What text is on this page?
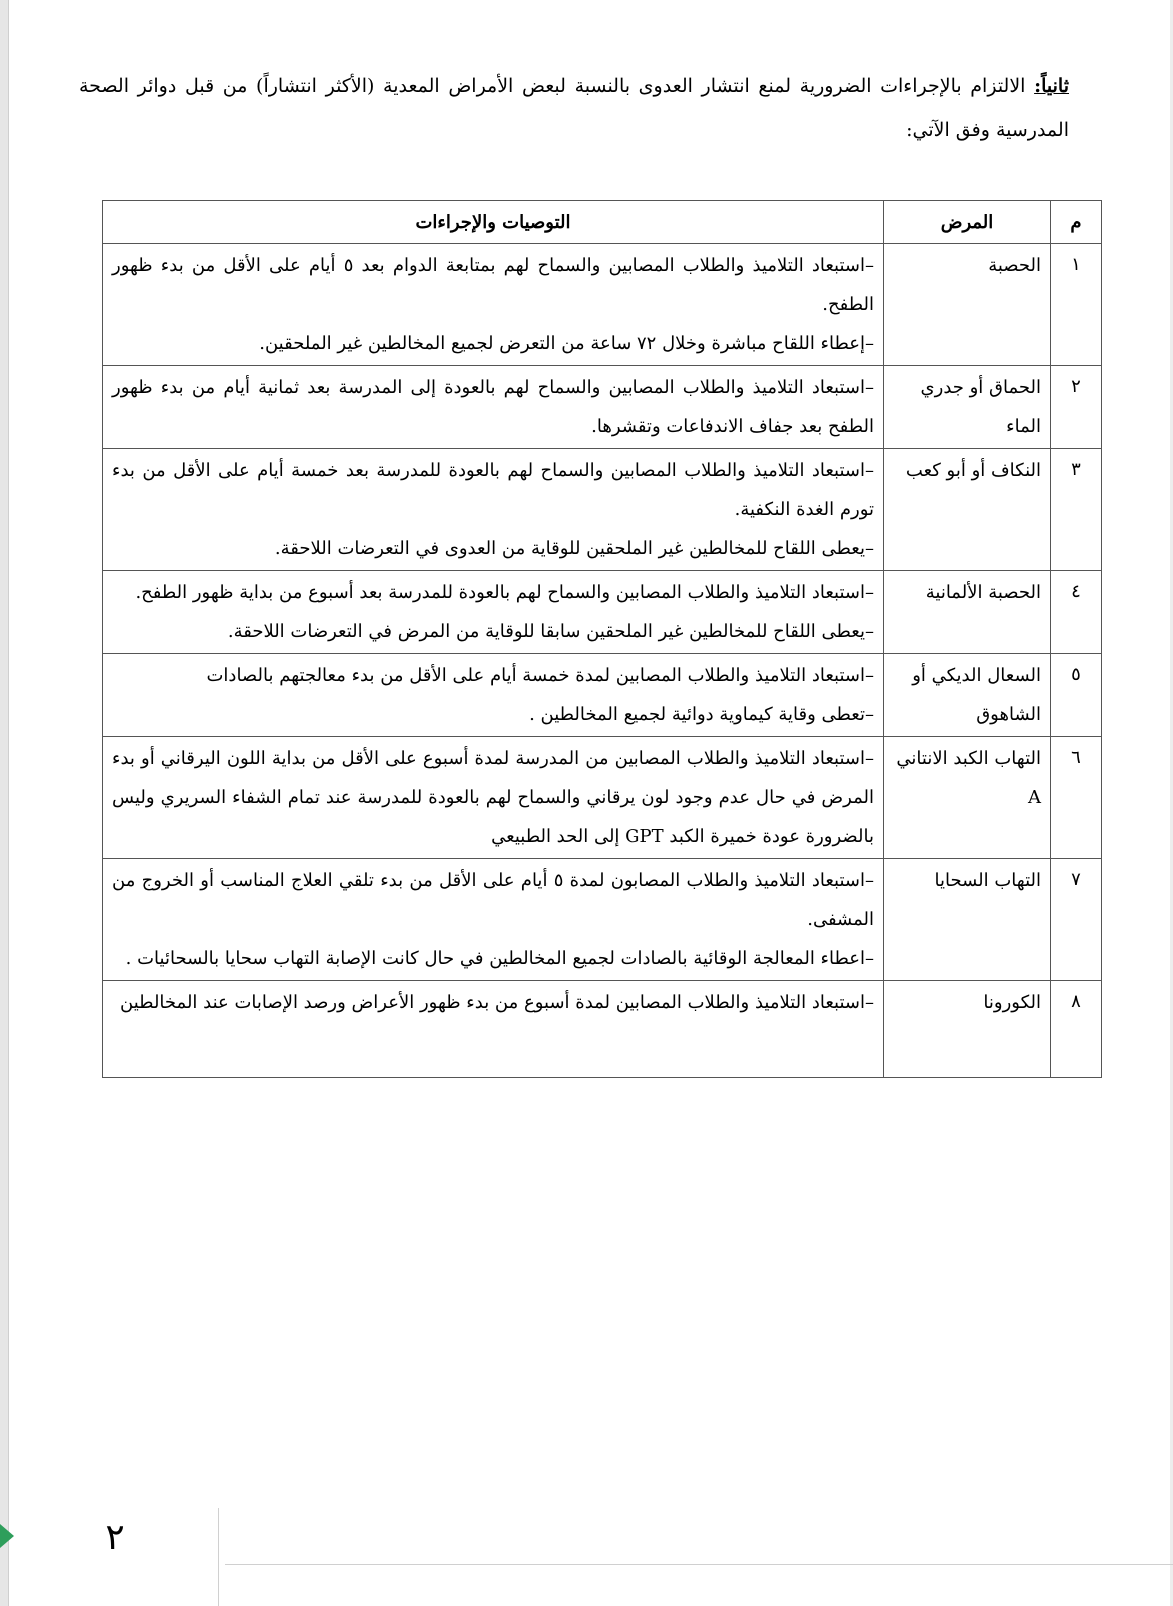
ثانياً: الالتزام بالإجراءات الضرورية لمنع انتشار العدوى بالنسبة لبعض الأمراض المعدية (الأكثر انتشاراً) من قبل دوائر الصحة المدرسية وفق الآتي:
م	المرض	التوصيات والإجراءات
١	الحصبة	–استبعاد التلاميذ والطلاب المصابين والسماح لهم بمتابعة الدوام بعد ٥ أيام على الأقل من بدء ظهور الطفح.

–إعطاء اللقاح مباشرة وخلال ٧٢ ساعة من التعرض لجميع المخالطين غير الملحقين.

٢	الحماق أو جدري الماء	–استبعاد التلاميذ والطلاب المصابين والسماح لهم بالعودة إلى المدرسة بعد ثمانية أيام من بدء ظهور الطفح بعد جفاف الاندفاعات وتقشرها.

٣	النكاف أو أبو كعب	–استبعاد التلاميذ والطلاب المصابين والسماح لهم بالعودة للمدرسة بعد خمسة أيام على الأقل من بدء تورم الغدة النكفية.

–يعطى اللقاح للمخالطين غير الملحقين للوقاية من العدوى في التعرضات اللاحقة.

٤	الحصبة الألمانية	–استبعاد التلاميذ والطلاب المصابين والسماح لهم بالعودة للمدرسة بعد أسبوع من بداية ظهور الطفح.

–يعطى اللقاح للمخالطين غير الملحقين سابقا للوقاية من المرض في التعرضات اللاحقة.

٥	السعال الديكي أو الشاهوق	–استبعاد التلاميذ والطلاب المصابين لمدة خمسة أيام على الأقل من بدء معالجتهم بالصادات

–تعطى وقاية كيماوية دوائية لجميع المخالطين .

٦	التهاب الكبد الانتاني A	–استبعاد التلاميذ والطلاب المصابين من المدرسة لمدة أسبوع على الأقل من بداية اللون اليرقاني أو بدء المرض في حال عدم وجود لون يرقاني والسماح لهم بالعودة للمدرسة عند تمام الشفاء السريري وليس بالضرورة عودة خميرة الكبد GPT إلى الحد الطبيعي

٧	التهاب السحايا	–استبعاد التلاميذ والطلاب المصابون لمدة ٥ أيام على الأقل من بدء تلقي العلاج المناسب أو الخروج من المشفى.

–اعطاء المعالجة الوقائية بالصادات لجميع المخالطين في حال كانت الإصابة التهاب سحايا بالسحائيات .

٨	الكورونا	–استبعاد التلاميذ والطلاب المصابين لمدة أسبوع من بدء ظهور الأعراض ورصد الإصابات عند المخالطين

٢
